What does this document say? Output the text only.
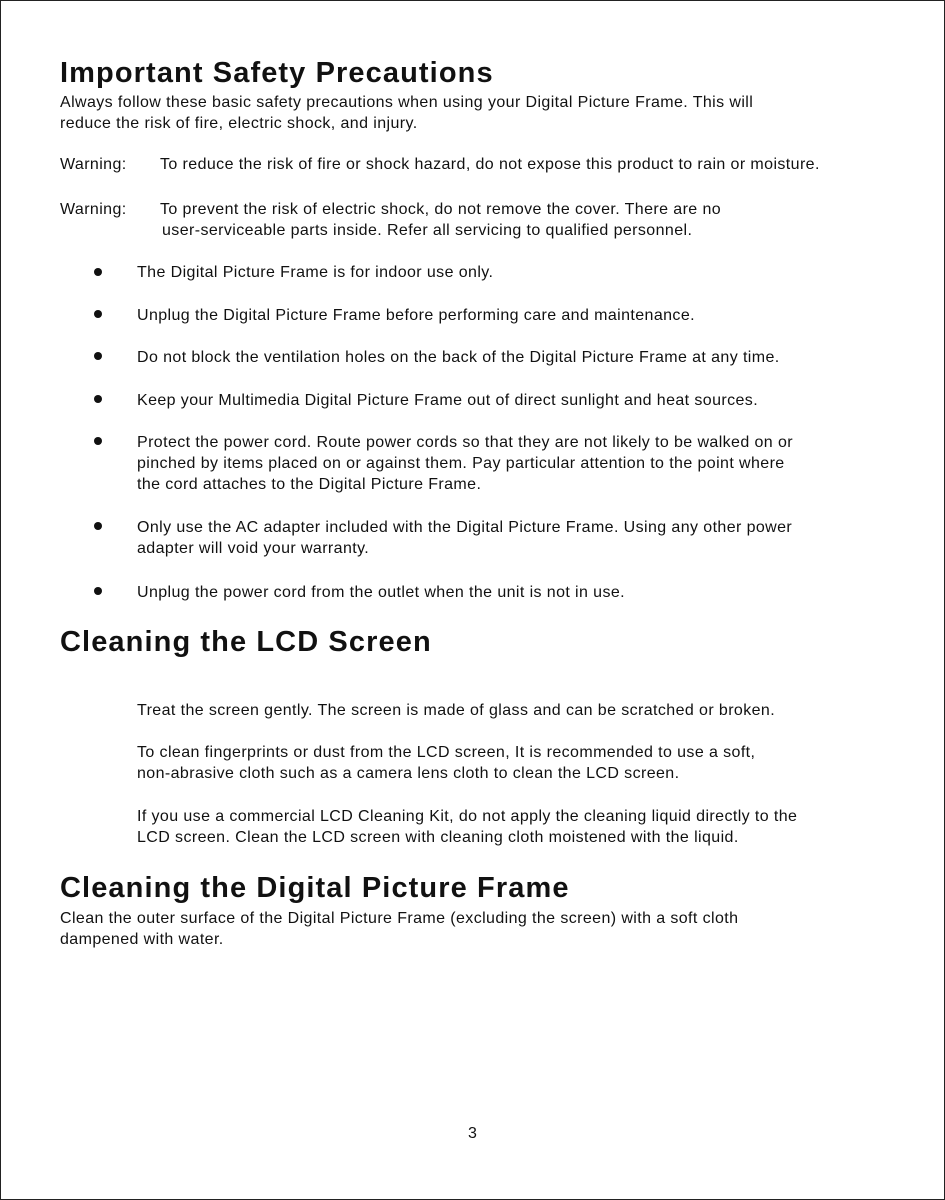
Important Safety Precautions

Always follow these basic safety precautions when using your Digital Picture Frame. This will

reduce the risk of fire, electric shock, and injury.

Warning: To reduce the risk of fire or shock hazard, do not expose this product to rain or moisture.

Warning: To prevent the risk of electric shock, do not remove the cover. There are no

user-serviceable parts inside. Refer all servicing to qualified personnel.

The Digital Picture Frame is for indoor use only.

Unplug the Digital Picture Frame before performing care and maintenance.

Do not block the ventilation holes on the back of the Digital Picture Frame at any time.

Keep your Multimedia Digital Picture Frame out of direct sunlight and heat sources.

Protect the power cord. Route power cords so that they are not likely to be walked on or

pinched by items placed on or against them. Pay particular attention to the point where

the cord attaches to the Digital Picture Frame.

Only use the AC adapter included with the Digital Picture Frame. Using any other power

adapter will void your warranty.

Unplug the power cord from the outlet when the unit is not in use.

Cleaning the LCD Screen

Treat the screen gently. The screen is made of glass and can be scratched or broken.

To clean fingerprints or dust from the LCD screen, It is recommended to use a soft,

non-abrasive cloth such as a camera lens cloth to clean the LCD screen.

If you use a commercial LCD Cleaning Kit, do not apply the cleaning liquid directly to the

LCD screen. Clean the LCD screen with cleaning cloth moistened with the liquid.

Cleaning the Digital Picture Frame

Clean the outer surface of the Digital Picture Frame (excluding the screen) with a soft cloth

dampened with water.

3
